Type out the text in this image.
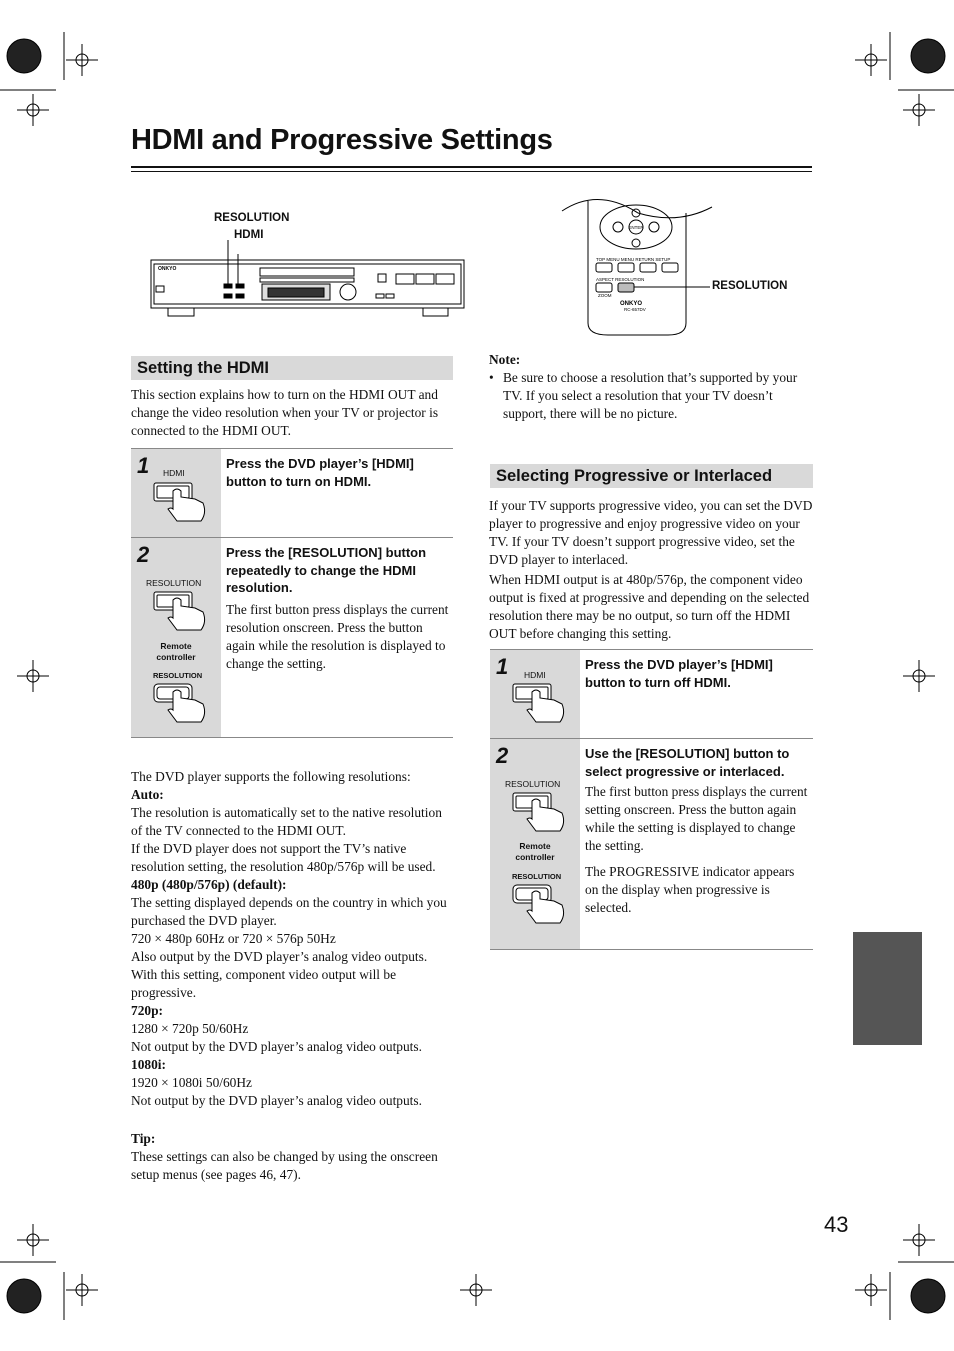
HDMI and Progressive Settings
RESOLUTION
HDMI
ONKYO
ENTER
TOP MENU MENU RETURN SETUP
ASPECT RESOLUTION
ZOOM
ONKYO
RC-657DV
RESOLUTION
Setting the HDMI

This section explains how to turn on the HDMI OUT and change the video resolution when your TV or projector is connected to the HDMI OUT.

1 HDMI
Press the DVD player’s [HDMI] button to turn on HDMI.
2
RESOLUTION
Remote controller
RESOLUTION
Press the [RESOLUTION] button repeatedly to change the HDMI resolution.
The first button press displays the current resolution onscreen. Press the button again while the resolution is displayed to change the setting.

The DVD player supports the following resolutions:

Auto:

The resolution is automatically set to the native resolution of the TV connected to the HDMI OUT.

If the DVD player does not support the TV’s native resolution setting, the resolution 480p/576p will be used.

480p (480p/576p) (default):

The setting displayed depends on the country in which you purchased the DVD player.

720 × 480p 60Hz or 720 × 576p 50Hz

Also output by the DVD player’s analog video outputs. With this setting, component video output will be progressive.

720p:

1280 × 720p 50/60Hz

Not output by the DVD player’s analog video outputs.

1080i:

1920 × 1080i 50/60Hz

Not output by the DVD player’s analog video outputs.

Tip:

These settings can also be changed by using the onscreen setup menus (see pages 46, 47).

Note:

• Be sure to choose a resolution that’s supported by your TV. If you select a resolution that your TV doesn’t support, there will be no picture.
Selecting Progressive or Interlaced

If your TV supports progressive video, you can set the DVD player to progressive and enjoy progressive video on your TV. If your TV doesn’t support progressive video, set the DVD player to interlaced.

When HDMI output is at 480p/576p, the component video output is fixed at progressive and depending on the selected resolution there may be no output, so turn off the HDMI OUT before changing this setting.

1 HDMI
Press the DVD player’s [HDMI] button to turn off HDMI.
2
RESOLUTION
Remote controller
RESOLUTION
Use the [RESOLUTION] button to select progressive or interlaced.
The first button press displays the current setting onscreen. Press the button again while the setting is displayed to change the setting.
The PROGRESSIVE indicator appears on the display when progressive is selected.
43
